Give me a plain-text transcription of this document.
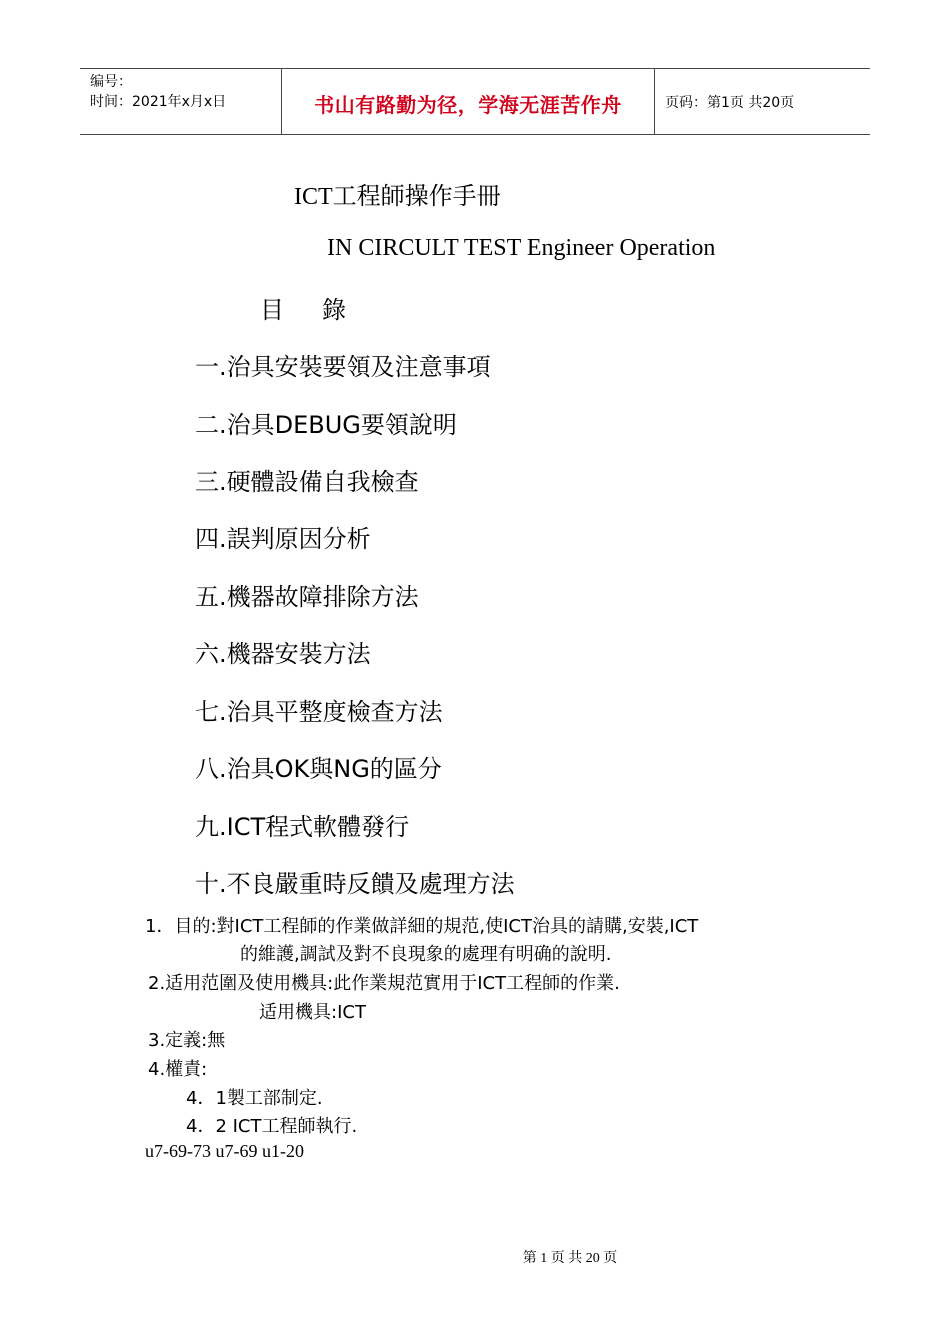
编号：
时间：2021年x月x日	书山有路勤为径，学海无涯苦作舟	页码：第1页 共20页
ICT工程師操作手冊
IN CIRCULT TEST Engineer Operation
目錄
一.治具安裝要領及注意事項
二.治具DEBUG要領說明
三.硬體設備自我檢查
四.誤判原因分析
五.機器故障排除方法
六.機器安裝方法
七.治具平整度檢查方法
八.治具OK與NG的區分
九.ICT程式軟體發行
十.不良嚴重時反饋及處理方法
1．目的:對ICT工程師的作業做詳細的規范,使ICT治具的請購,安裝,ICT
的維護,調試及對不良現象的處理有明确的說明.
2.适用范圍及使用機具:此作業規范實用于ICT工程師的作業.
适用機具:ICT
3.定義:無
4.權責:
4．1製工部制定.
4．2 ICT工程師執行.
u7-69-73 u7-69 u1-20
第 1 页 共 20 页
